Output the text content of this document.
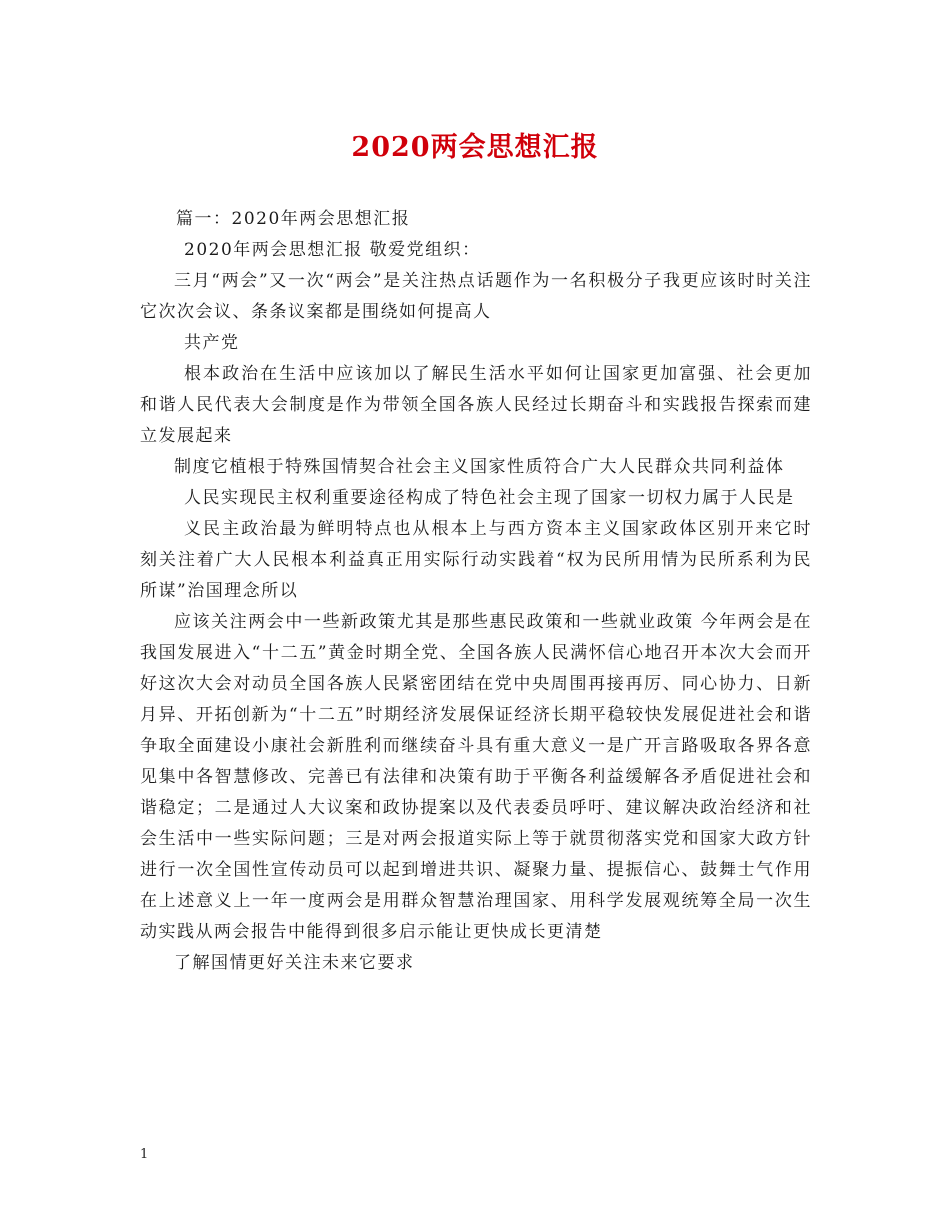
2020两会思想汇报

篇一：2020年两会思想汇报

2020年两会思想汇报 敬爱党组织：

三月“两会”又一次“两会”是关注热点话题作为一名积极分子我更应该时时关注它次次会议、条条议案都是围绕如何提高人

共产党

根本政治在生活中应该加以了解民生活水平如何让国家更加富强、社会更加和谐人民代表大会制度是作为带领全国各族人民经过长期奋斗和实践报告探索而建立发展起来

制度它植根于特殊国情契合社会主义国家性质符合广大人民群众共同利益体

人民实现民主权利重要途径构成了特色社会主现了国家一切权力属于人民是

义民主政治最为鲜明特点也从根本上与西方资本主义国家政体区别开来它时刻关注着广大人民根本利益真正用实际行动实践着“权为民所用情为民所系利为民所谋”治国理念所以

应该关注两会中一些新政策尤其是那些惠民政策和一些就业政策 今年两会是在我国发展进入“十二五”黄金时期全党、全国各族人民满怀信心地召开本次大会而开好这次大会对动员全国各族人民紧密团结在党中央周围再接再厉、同心协力、日新月异、开拓创新为“十二五”时期经济发展保证经济长期平稳较快发展促进社会和谐争取全面建设小康社会新胜利而继续奋斗具有重大意义一是广开言路吸取各界各意见集中各智慧修改、完善已有法律和决策有助于平衡各利益缓解各矛盾促进社会和谐稳定；二是通过人大议案和政协提案以及代表委员呼吁、建议解决政治经济和社会生活中一些实际问题；三是对两会报道实际上等于就贯彻落实党和国家大政方针进行一次全国性宣传动员可以起到增进共识、凝聚力量、提振信心、鼓舞士气作用在上述意义上一年一度两会是用群众智慧治理国家、用科学发展观统筹全局一次生动实践从两会报告中能得到很多启示能让更快成长更清楚

了解国情更好关注未来它要求

1
